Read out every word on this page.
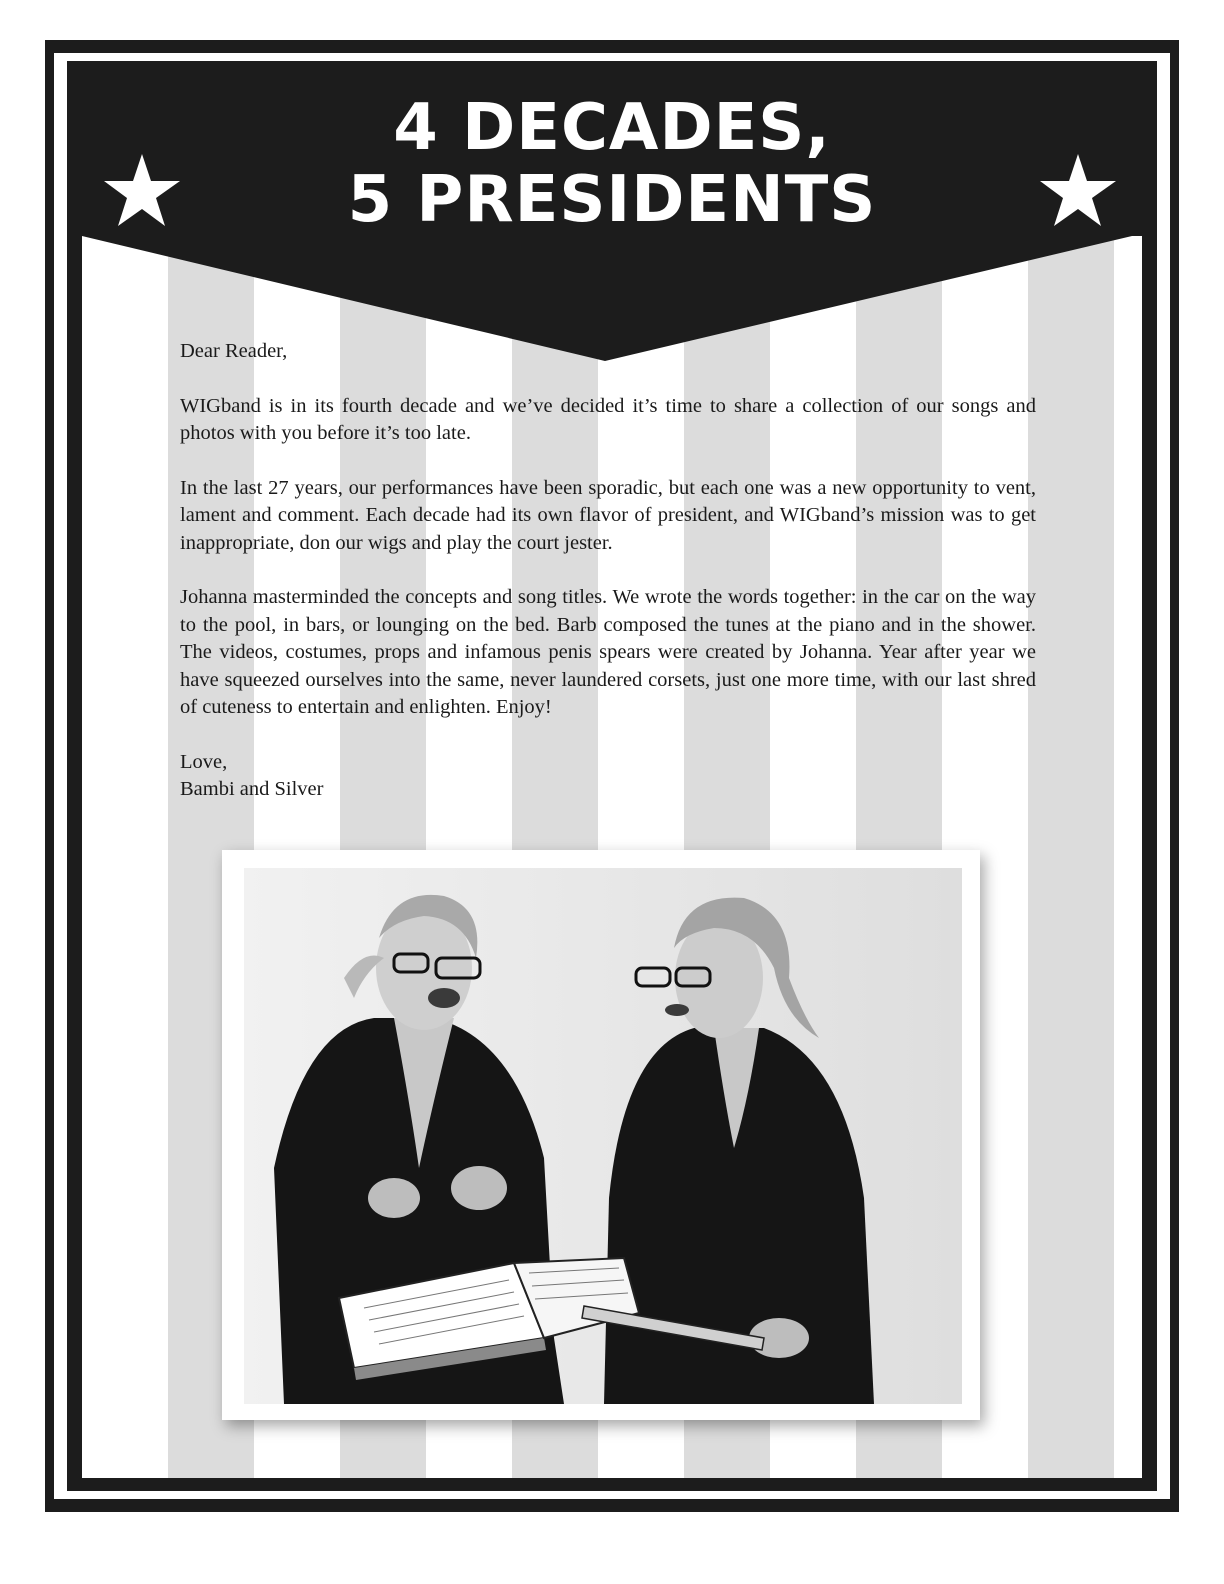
4 DECADES,
5 PRESIDENTS

Dear Reader,

WIGband is in its fourth decade and we’ve decided it’s time to share a collection of our songs and photos with you before it’s too late.

In the last 27 years, our performances have been sporadic, but each one was a new opportunity to vent, lament and comment. Each decade had its own flavor of president, and WIGband’s mission was to get inappropriate, don our wigs and play the court jester.

Johanna masterminded the concepts and song titles. We wrote the words together: in the car on the way to the pool, in bars, or lounging on the bed. Barb composed the tunes at the piano and in the shower. The videos, costumes, props and infamous penis spears were created by Johanna. Year after year we have squeezed ourselves into the same, never laundered corsets, just one more time, with our last shred of cuteness to entertain and enlighten. Enjoy!

Love,

Bambi and Silver
